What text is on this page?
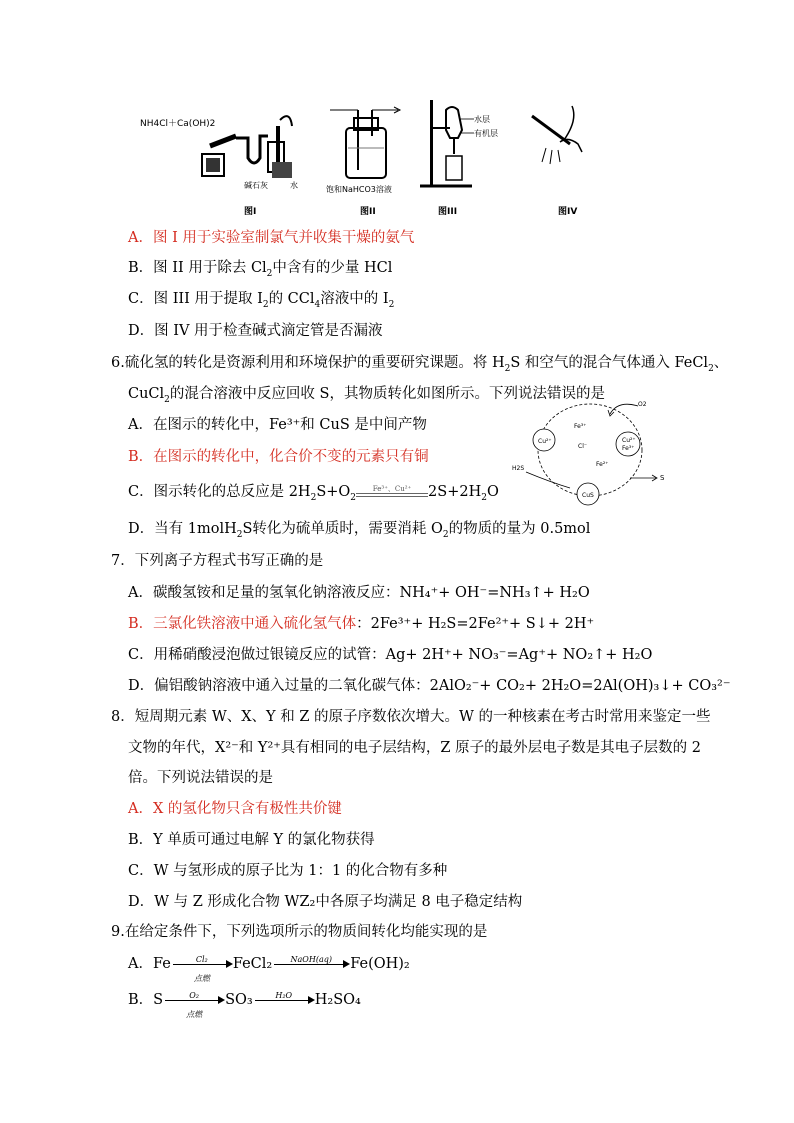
NH4Cl＋Ca(OH)2
碱石灰	水
图I
饱和NaHCO3溶液
图II
水层
有机层
图III	图IV
A．图 I 用于实验室制氯气并收集干燥的氨气
B．图 II 用于除去 $Cl_2$中含有的少量 HCl
C．图 III 用于提取 $I_2$的 CCl$_4$溶液中的 $I_2$
D．图 IV 用于检查碱式滴定管是否漏液
6.硫化氢的转化是资源利用和环境保护的重要研究课题。将 $H_2S$ 和空气的混合气体通入 FeCl$_2$、
CuCl$_2$的混合溶液中反应回收 S，其物质转化如图所示。下列说法错误的是
A．在图示的转化中，Fe³⁺和 CuS 是中间产物
B．在图示的转化中，化合价不变的元素只有铜
C．图示转化的总反应是 $2H_2S+O_2$
Fe³⁺、Cu²⁺	$2S+2H_2O$
D．当有 1molH$_2$S转化为硫单质时，需要消耗 $O_2$的物质的量为 0.5mol
Cu²⁺	Cu²⁺
Fe³⁺
CuS
Fe³⁺
Cl⁻
Fe²⁺
O2
H2S
S
7．下列离子方程式书写正确的是
A．碳酸氢铵和足量的氢氧化钠溶液反应：NH₄⁺+ OH⁻=NH₃↑+ H₂O
B．三氯化铁溶液中通入硫化氢气体：2Fe³⁺+ H₂S=2Fe²⁺+ S↓+ 2H⁺
C．用稀硝酸浸泡做过银镜反应的试管：Ag+ 2H⁺+ NO₃⁻=Ag⁺+ NO₂↑+ H₂O
D．偏铝酸钠溶液中通入过量的二氧化碳气体：2AlO₂⁻+ CO₂+ 2H₂O=2Al(OH)₃↓+ CO₃²⁻
8．短周期元素 W、X、Y 和 Z 的原子序数依次增大。W 的一种核素在考古时常用来鉴定一些
文物的年代，X²⁻和 Y²⁺具有相同的电子层结构，Z 原子的最外层电子数是其电子层数的 2
倍。下列说法错误的是
A．X 的氢化物只含有极性共价键
B．Y 单质可通过电解 Y 的氯化物获得
C．W 与氢形成的原子比为 1：1 的化合物有多种
D．W 与 Z 形成化合物 WZ₂中各原子均满足 8 电子稳定结构
9.在给定条件下，下列选项所示的物质间转化均能实现的是
A．Fe	Cl₂
点燃
FeCl₂	NaOH(aq)	Fe(OH)₂
B．S	O₂
点燃
SO₃	H₂O	H₂SO₄
